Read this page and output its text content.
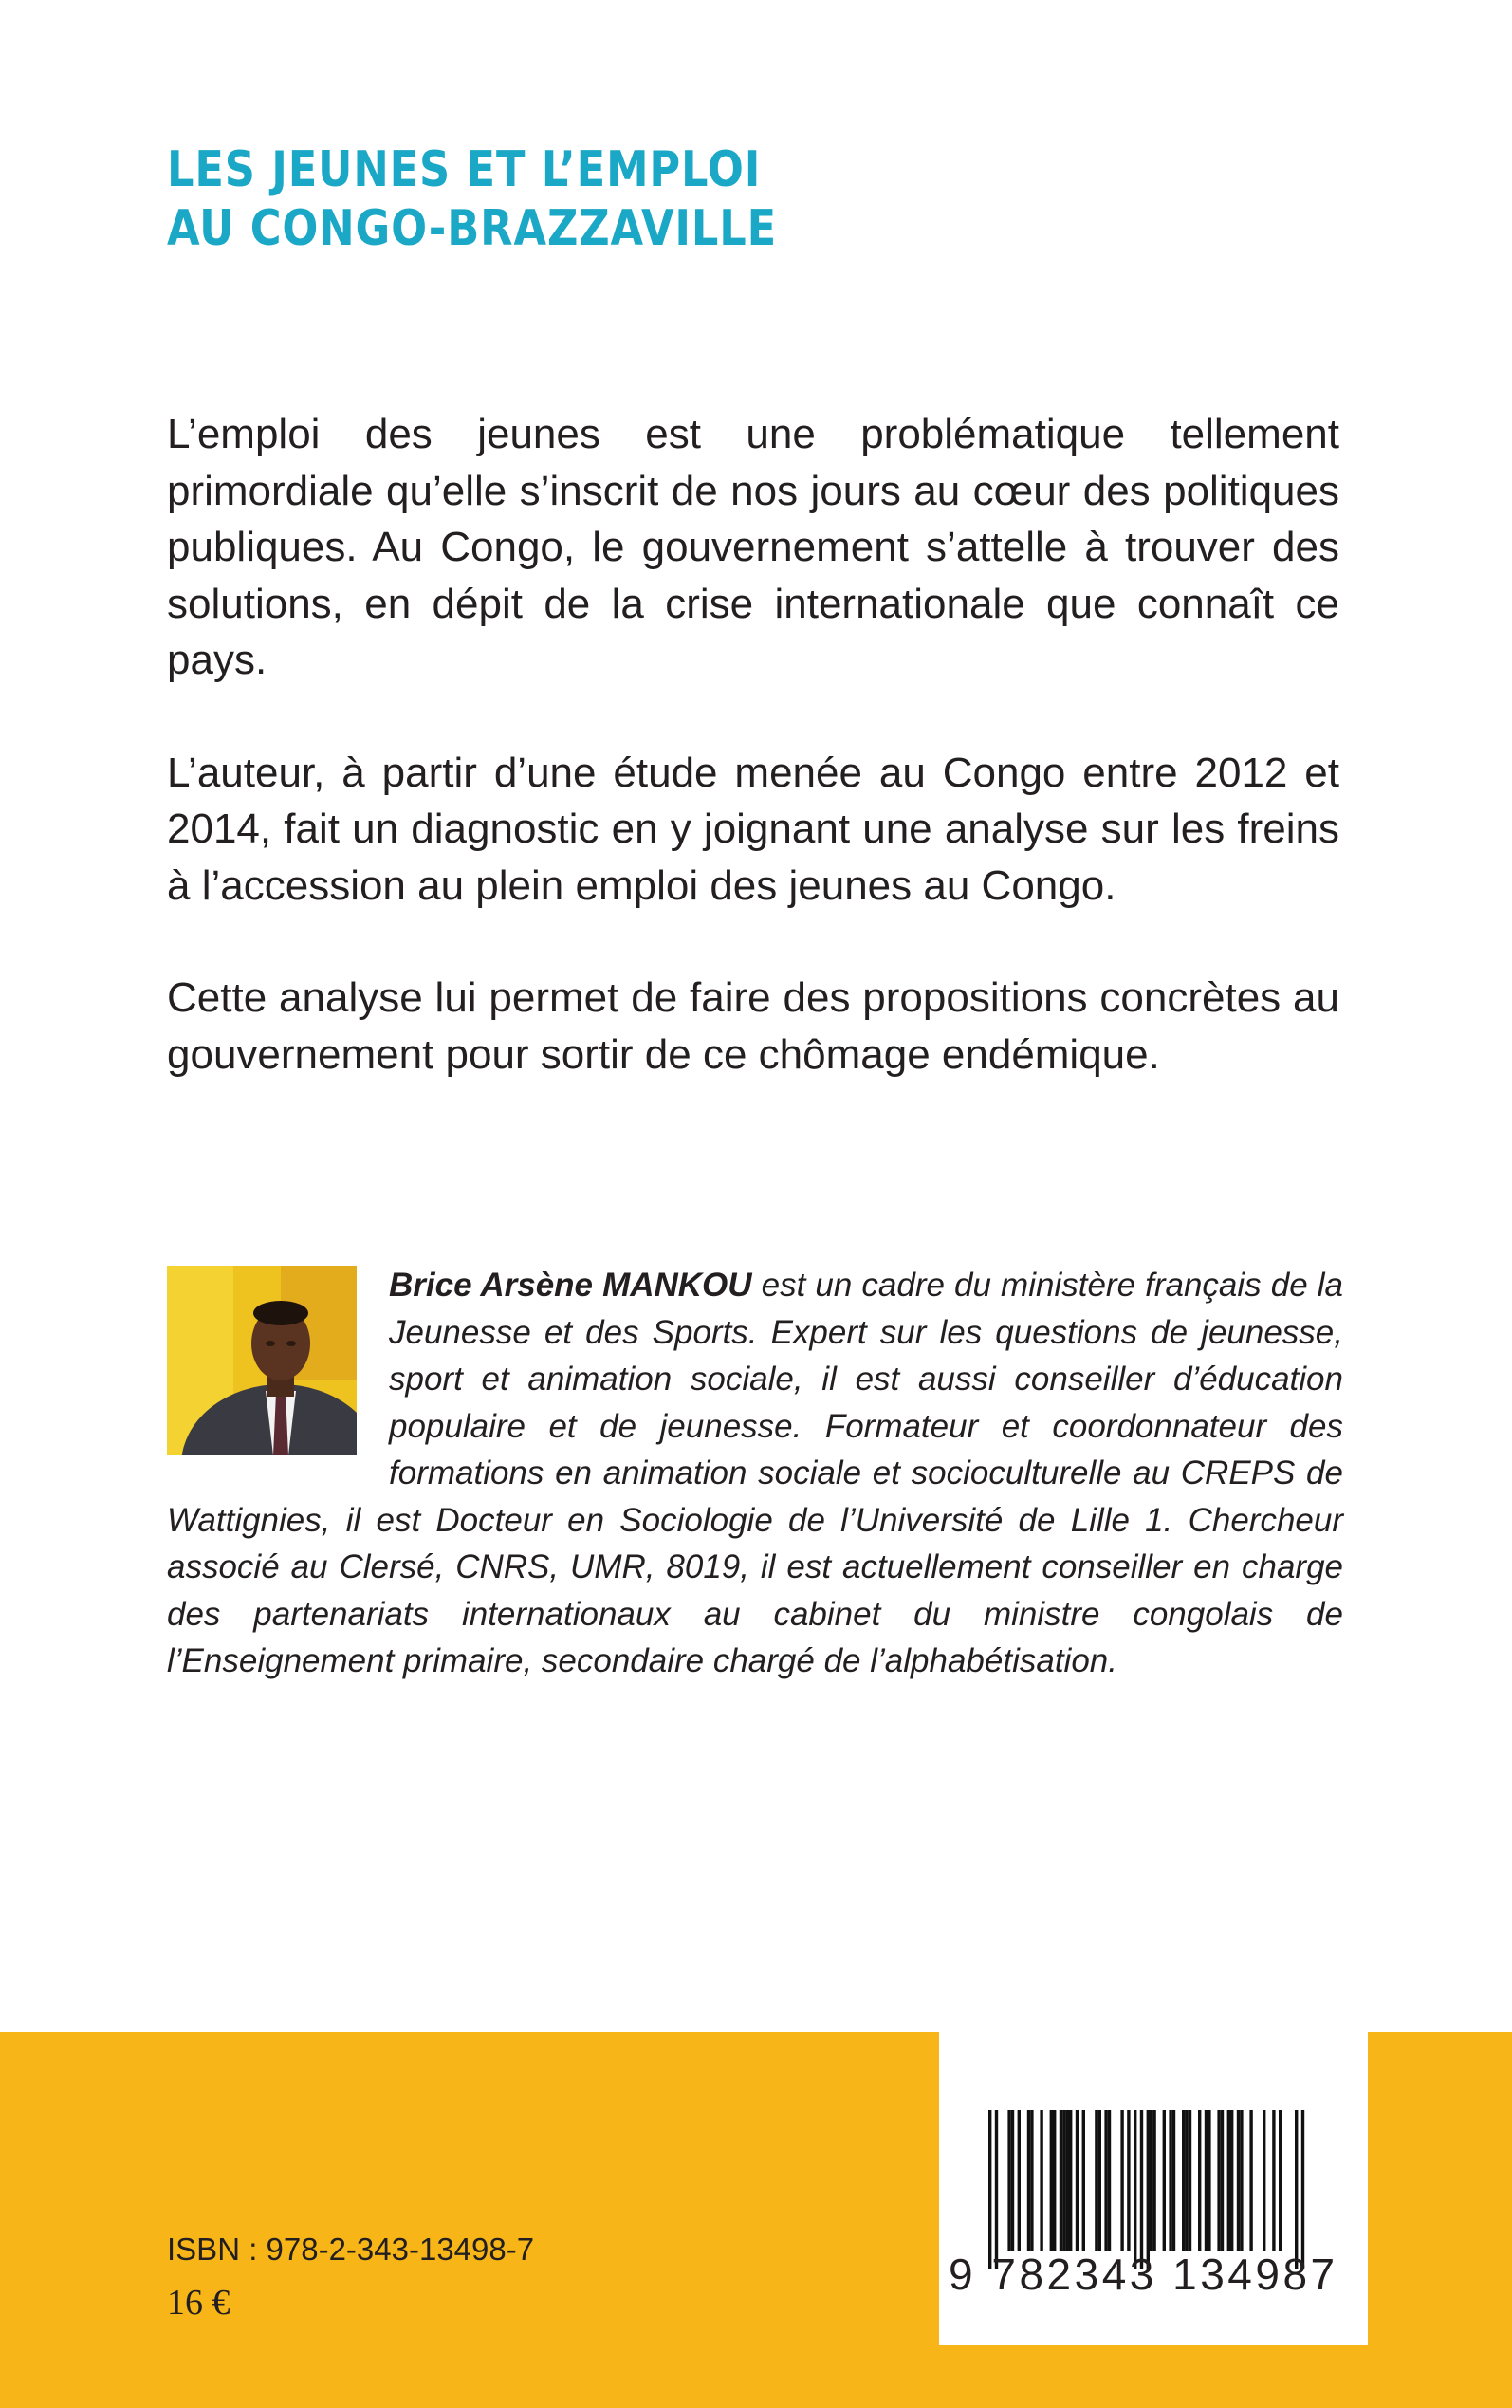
LES JEUNES ET L’EMPLOI
AU CONGO-BRAZZAVILLE

L’emploi des jeunes est une problématique tellement primordiale qu’elle s’inscrit de nos jours au cœur des politiques publiques. Au Congo, le gouvernement s’attelle à trouver des solutions, en dépit de la crise internationale que connaît ce pays.

L’auteur, à partir d’une étude menée au Congo entre 2012 et 2014, fait un diagnostic en y joignant une analyse sur les freins à l’accession au plein emploi des jeunes au Congo.

Cette analyse lui permet de faire des propositions concrètes au gouvernement pour sortir de ce chômage endémique.

Brice Arsène MANKOU est un cadre du ministère français de la Jeunesse et des Sports. Expert sur les questions de jeunesse, sport et animation sociale, il est aussi conseiller d’éducation populaire et de jeunesse. Formateur et coordonnateur des formations en animation sociale et socioculturelle au CREPS de Wattignies, il est Docteur en Sociologie de l’Université de Lille 1. Chercheur associé au Clersé, CNRS, UMR, 8019, il est actuellement conseiller en charge des partenariats internationaux au cabinet du ministre congolais de l’Enseignement primaire, secondaire chargé de l’alphabétisation.

ISBN : 978-2-343-13498-7

16 €

9 782343 134987
